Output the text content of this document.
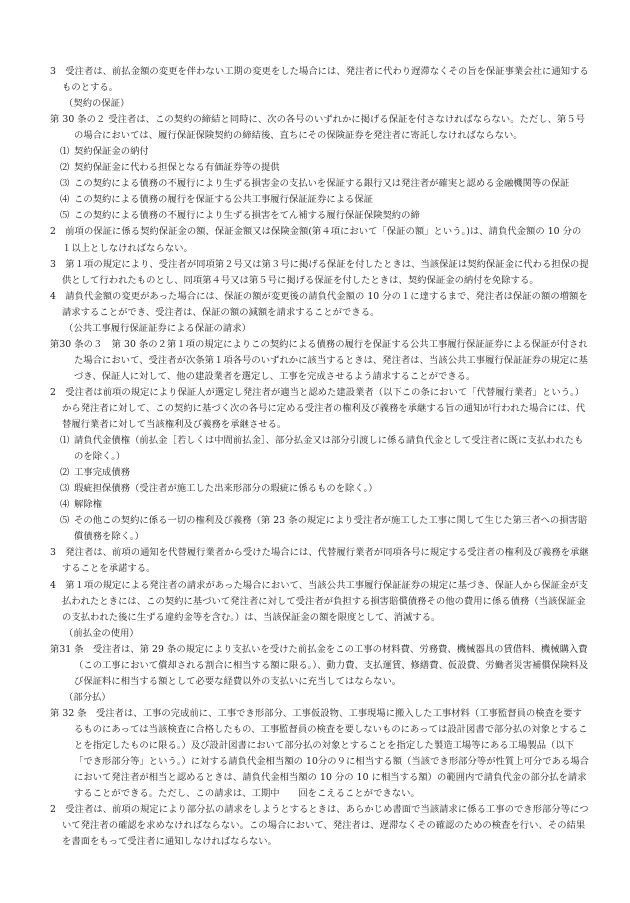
3　受注者は、前払金額の変更を伴わない工期の変更をした場合には、発注者に代わり遅滞なくその旨を保証事業会社に通知するものとする。

（契約の保証）

第 30 条の２ 受注者は、この契約の締結と同時に、次の各号のいずれかに掲げる保証を付さなければならない。ただし、第５号の場合においては、履行保証保険契約の締結後、直ちにその保険証券を発注者に寄託しなければならない。

⑴ 契約保証金の納付

⑵ 契約保証金に代わる担保となる有価証券等の提供

⑶ この契約による債務の不履行により生ずる損害金の支払いを保証する銀行又は発注者が確実と認める金融機関等の保証

⑷ この契約による債務の履行を保証する公共工事履行保証証券による保証

⑸ この契約による債務の不履行により生ずる損害をてん補する履行保証保険契約の締

2　前項の保証に係る契約保証金の額、保証金額又は保険金額(第４項において「保証の額」という。)は、請負代金額の 10 分の１以上としなければならない。

3　第１項の規定により、受注者が同項第２号又は第３号に掲げる保証を付したときは、当該保証は契約保証金に代わる担保の提供として行われたものとし、同項第４号又は第５号に掲げる保証を付したときは、契約保証金の納付を免除する。

4　請負代金額の変更があった場合には、保証の額が変更後の請負代金額の 10 分の１に達するまで、発注者は保証の額の増額を請求することができ、受注者は、保証の額の減額を請求することができる。

（公共工事履行保証証券による保証の請求）

第30 条の３　第 30 条の２第１項の規定によりこの契約による債務の履行を保証する公共工事履行保証証券による保証が付された場合において、受注者が次条第１項各号のいずれかに該当するときは、発注者は、当該公共工事履行保証証券の規定に基づき、保証人に対して、他の建設業者を選定し、工事を完成させるよう請求することができる。

2　受注者は前項の規定により保証人が選定し発注者が適当と認めた建設業者（以下この条において「代替履行業者」という。）から発注者に対して、この契約に基づく次の各号に定める受注者の権利及び義務を承継する旨の通知が行われた場合には、代替履行業者に対して当該権利及び義務を承継させる。

⑴ 請負代金債権（前払金［若しくは中間前払金］、部分払金又は部分引渡しに係る請負代金として受注者に既に支払われたものを除く。）

⑵ 工事完成債務

⑶ 瑕疵担保債務（受注者が施工した出来形部分の瑕疵に係るものを除く。）

⑷ 解除権

⑸ その他この契約に係る一切の権利及び義務（第 23 条の規定により受注者が施工した工事に関して生じた第三者への損害賠償債務を除く。）

3　発注者は、前項の通知を代替履行業者から受けた場合には、代替履行業者が同項各号に規定する受注者の権利及び義務を承継することを承諾する。

4　第１項の規定による発注者の請求があった場合において、当該公共工事履行保証証券の規定に基づき、保証人から保証金が支払われたときには、この契約に基づいて発注者に対して受注者が負担する損害賠償債務その他の費用に係る債務（当該保証金の支払われた後に生ずる違約金等を含む。）は、当該保証金の額を限度として、消滅する。

（前払金の使用）

第31 条　受注者は、第 29 条の規定により支払いを受けた前払金をこの工事の材料費、労務費、機械器具の賃借料、機械購入費（この工事において償却される割合に相当する額に限る。）、動力費、支払運賃、修繕費、仮設費、労働者災害補償保険料及び保証料に相当する額として必要な経費以外の支払いに充当してはならない。

（部分払）

第 32 条　受注者は、工事の完成前に、工事でき形部分、工事仮設物、工事現場に搬入した工事材料（工事監督員の検査を要するものにあっては当該検査に合格したもの、工事監督員の検査を要しないものにあっては設計図書で部分払の対象とすることを指定したものに限る。）及び設計図書において部分払の対象とすることを指定した製造工場等にある工場製品（以下「でき形部分等」という。）に対する請負代金相当額の 10分の９に相当する額（当該でき形部分等が性質上可分である場合において発注者が相当と認めるときは、請負代金相当額の 10 分の 10 に相当する額）の範囲内で請負代金の部分払を請求することができる。ただし、この請求は、工期中　　回をこえることができない。

2　受注者は、前項の規定により部分払の請求をしようとするときは、あらかじめ書面で当該請求に係る工事のでき形部分等について発注者の確認を求めなければならない。この場合において、発注者は、遅滞なくその確認のための検査を行い、その結果を書面をもって受注者に通知しなければならない。
